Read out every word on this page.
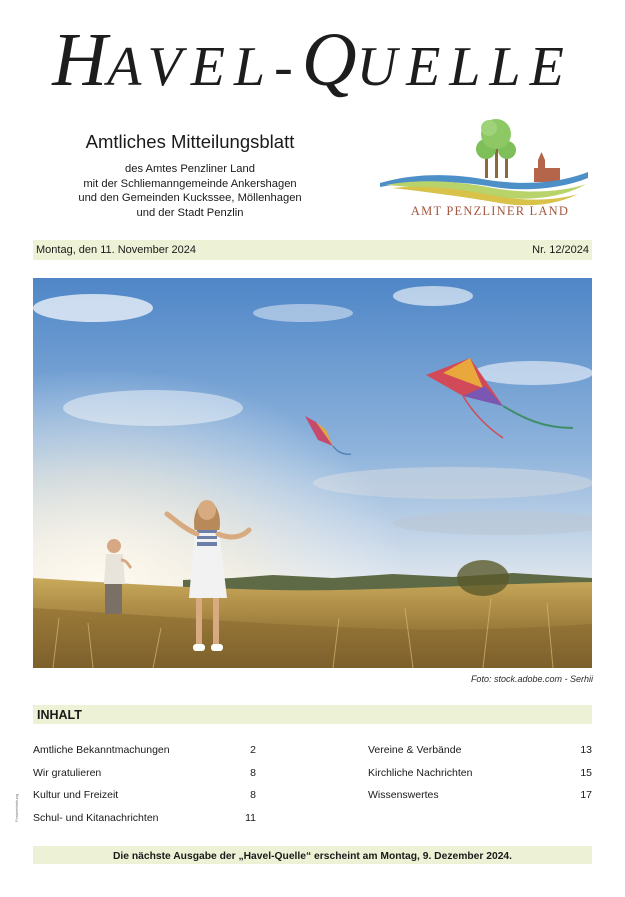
HAVEL-QUELLE
Amtliches Mitteilungsblatt
des Amtes Penzliner Land
mit der Schliemanngemeinde Ankershagen
und den Gemeinden Kuckssee, Möllenhagen
und der Stadt Penzlin	AMT PENZLINER LAND
Montag, den 11. November 2024	Nr. 12/2024
Foto: stock.adobe.com - Serhii
INHALT
Amtliche Bekanntmachungen	2
Wir gratulieren	8
Kultur und Freizeit	8
Schul- und Kitanachrichten	11
Vereine & Verbände	13
Kirchliche Nachrichten	15
Wissenswertes	17
Postvertriebung
Die nächste Ausgabe der „Havel-Quelle“ erscheint am Montag, 9. Dezember 2024.
